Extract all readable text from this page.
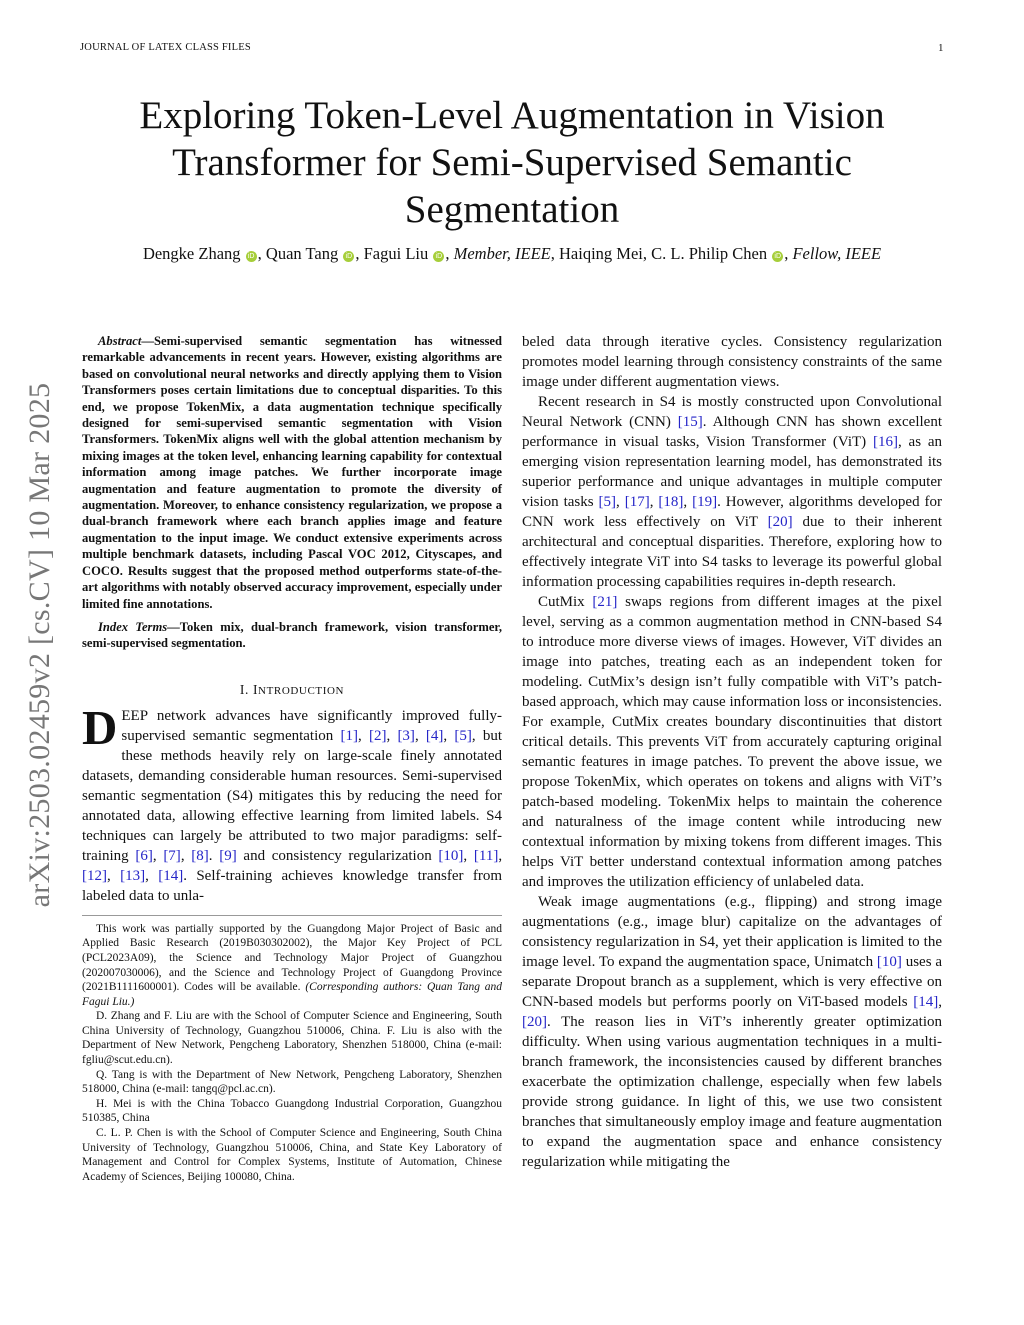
JOURNAL OF LATEX CLASS FILES	1
Exploring Token-Level Augmentation in Vision Transformer for Semi-Supervised Semantic Segmentation
Dengke Zhang iD , Quan Tang iD , Fagui Liu iD , Member, IEEE, Haiqing Mei, C. L. Philip Chen iD , Fellow, IEEE
arXiv:2503.02459v2 [cs.CV] 10 Mar 2025

Abstract—Semi-supervised semantic segmentation has witnessed remarkable advancements in recent years. However, existing algorithms are based on convolutional neural networks and directly applying them to Vision Transformers poses certain limitations due to conceptual disparities. To this end, we propose TokenMix, a data augmentation technique specifically designed for semi-supervised semantic segmentation with Vision Transformers. TokenMix aligns well with the global attention mechanism by mixing images at the token level, enhancing learning capability for contextual information among image patches. We further incorporate image augmentation and feature augmentation to promote the diversity of augmentation. Moreover, to enhance consistency regularization, we propose a dual-branch framework where each branch applies image and feature augmentation to the input image. We conduct extensive experiments across multiple benchmark datasets, including Pascal VOC 2012, Cityscapes, and COCO. Results suggest that the proposed method outperforms state-of-the-art algorithms with notably observed accuracy improvement, especially under limited fine annotations.

Index Terms—Token mix, dual-branch framework, vision transformer, semi-supervised segmentation.

I. INTRODUCTION

DEEP network advances have significantly improved fully-supervised semantic segmentation [1], [2], [3], [4], [5], but these methods heavily rely on large-scale finely annotated datasets, demanding considerable human resources. Semi-supervised semantic segmentation (S4) mitigates this by reducing the need for annotated data, allowing effective learning from limited labels. S4 techniques can largely be attributed to two major paradigms: self-training [6], [7], [8]. [9] and consistency regularization [10], [11], [12], [13], [14]. Self-training achieves knowledge transfer from labeled data to unla-

This work was partially supported by the Guangdong Major Project of Basic and Applied Basic Research (2019B030302002), the Major Key Project of PCL (PCL2023A09), the Science and Technology Major Project of Guangzhou (202007030006), and the Science and Technology Project of Guangdong Province (2021B1111600001). Codes will be available. (Corresponding authors: Quan Tang and Fagui Liu.)

D. Zhang and F. Liu are with the School of Computer Science and Engineering, South China University of Technology, Guangzhou 510006, China. F. Liu is also with the Department of New Network, Pengcheng Laboratory, Shenzhen 518000, China (e-mail: fgliu@scut.edu.cn).

Q. Tang is with the Department of New Network, Pengcheng Laboratory, Shenzhen 518000, China (e-mail: tangq@pcl.ac.cn).

H. Mei is with the China Tobacco Guangdong Industrial Corporation, Guangzhou 510385, China

C. L. P. Chen is with the School of Computer Science and Engineering, South China University of Technology, Guangzhou 510006, China, and State Key Laboratory of Management and Control for Complex Systems, Institute of Automation, Chinese Academy of Sciences, Beijing 100080, China.

beled data through iterative cycles. Consistency regularization promotes model learning through consistency constraints of the same image under different augmentation views.

Recent research in S4 is mostly constructed upon Convolutional Neural Network (CNN) [15]. Although CNN has shown excellent performance in visual tasks, Vision Transformer (ViT) [16], as an emerging vision representation learning model, has demonstrated its superior performance and unique advantages in multiple computer vision tasks [5], [17], [18], [19]. However, algorithms developed for CNN work less effectively on ViT [20] due to their inherent architectural and conceptual disparities. Therefore, exploring how to effectively integrate ViT into S4 tasks to leverage its powerful global information processing capabilities requires in-depth research.

CutMix [21] swaps regions from different images at the pixel level, serving as a common augmentation method in CNN-based S4 to introduce more diverse views of images. However, ViT divides an image into patches, treating each as an independent token for modeling. CutMix’s design isn’t fully compatible with ViT’s patch-based approach, which may cause information loss or inconsistencies. For example, CutMix creates boundary discontinuities that distort critical details. This prevents ViT from accurately capturing original semantic features in image patches. To prevent the above issue, we propose TokenMix, which operates on tokens and aligns with ViT’s patch-based modeling. TokenMix helps to maintain the coherence and naturalness of the image content while introducing new contextual information by mixing tokens from different images. This helps ViT better understand contextual information among patches and improves the utilization efficiency of unlabeled data.

Weak image augmentations (e.g., flipping) and strong image augmentations (e.g., image blur) capitalize on the advantages of consistency regularization in S4, yet their application is limited to the image level. To expand the augmentation space, Unimatch [10] uses a separate Dropout branch as a supplement, which is very effective on CNN-based models but performs poorly on ViT-based models [14], [20]. The reason lies in ViT’s inherently greater optimization difficulty. When using various augmentation techniques in a multi-branch framework, the inconsistencies caused by different branches exacerbate the optimization challenge, especially when few labels provide strong guidance. In light of this, we use two consistent branches that simultaneously employ image and feature augmentation to expand the augmentation space and enhance consistency regularization while mitigating the
